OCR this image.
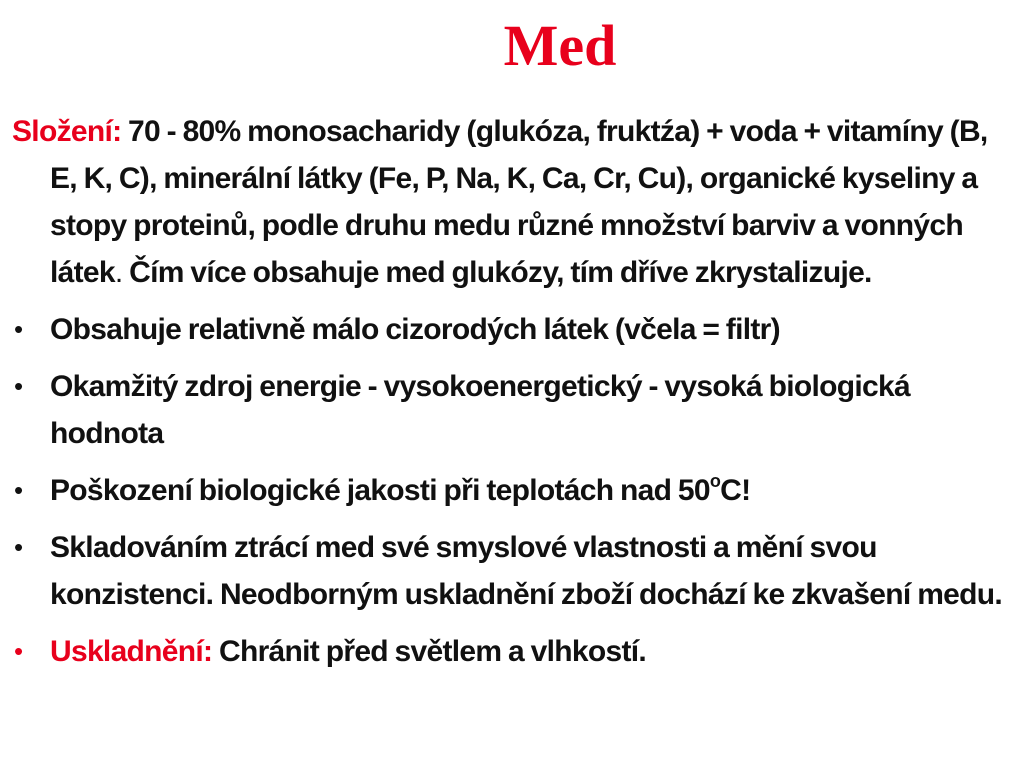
Med

Složení: 70 - 80% monosacharidy (glukóza, fruktźa) + voda + vitamíny (B, E, K, C), minerální látky (Fe, P, Na, K, Ca, Cr, Cu), organické kyseliny a stopy proteinů, podle druhu medu různé množství barviv a vonných látek. Čím více obsahuje med glukózy, tím dříve zkrystalizuje.

• Obsahuje relativně málo cizorodých látek (včela = filtr)
• Okamžitý zdroj energie - vysokoenergetický - vysoká biologická hodnota
• Poškození biologické jakosti při teplotách nad 50$^o$C!
• Skladováním ztrácí med své smyslové vlastnosti a mění svou konzistenci. Neodborným uskladnění zboží dochází ke zkvašení medu.
• Uskladnění: Chránit před světlem a vlhkostí.
